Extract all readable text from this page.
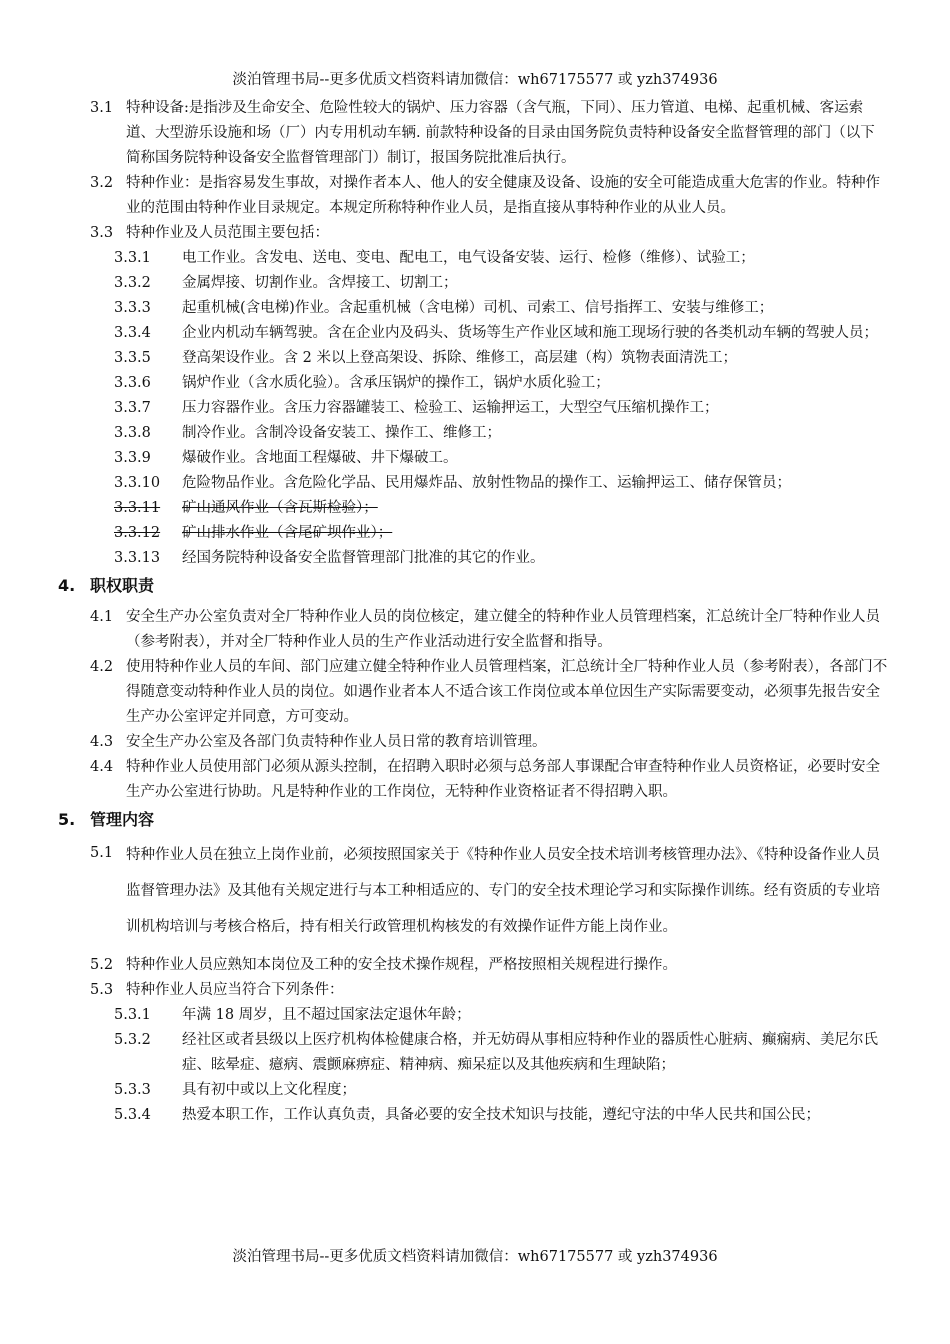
淡泊管理书局--更多优质文档资料请加微信：wh67175577 或 yzh374936
3.1 特种设备:是指涉及生命安全、危险性较大的锅炉、压力容器（含气瓶，下同）、压力管道、电梯、起重机械、客运索道、大型游乐设施和场（厂）内专用机动车辆. 前款特种设备的目录由国务院负责特种设备安全监督管理的部门（以下简称国务院特种设备安全监督管理部门）制订，报国务院批准后执行。
3.2 特种作业：是指容易发生事故，对操作者本人、他人的安全健康及设备、设施的安全可能造成重大危害的作业。特种作业的范围由特种作业目录规定。本规定所称特种作业人员，是指直接从事特种作业的从业人员。
3.3 特种作业及人员范围主要包括：
3.3.1 电工作业。含发电、送电、变电、配电工，电气设备安装、运行、检修（维修）、试验工；
3.3.2 金属焊接、切割作业。含焊接工、切割工；
3.3.3 起重机械(含电梯)作业。含起重机械（含电梯）司机、司索工、信号指挥工、安装与维修工；
3.3.4 企业内机动车辆驾驶。含在企业内及码头、货场等生产作业区域和施工现场行驶的各类机动车辆的驾驶人员；
3.3.5 登高架设作业。含 2 米以上登高架设、拆除、维修工，高层建（构）筑物表面清洗工；
3.3.6 锅炉作业（含水质化验）。含承压锅炉的操作工，锅炉水质化验工；
3.3.7 压力容器作业。含压力容器罐装工、检验工、运输押运工，大型空气压缩机操作工；
3.3.8 制冷作业。含制冷设备安装工、操作工、维修工；
3.3.9 爆破作业。含地面工程爆破、井下爆破工。
3.3.10 危险物品作业。含危险化学品、民用爆炸品、放射性物品的操作工、运输押运工、储存保管员；
3.3.11 矿山通风作业（含瓦斯检验）；
3.3.12 矿山排水作业（含尾矿坝作业）；
3.3.13 经国务院特种设备安全监督管理部门批准的其它的作业。
4. 职权职责
4.1 安全生产办公室负责对全厂特种作业人员的岗位核定，建立健全的特种作业人员管理档案，汇总统计全厂特种作业人员（参考附表），并对全厂特种作业人员的生产作业活动进行安全监督和指导。
4.2 使用特种作业人员的车间、部门应建立健全特种作业人员管理档案，汇总统计全厂特种作业人员（参考附表），各部门不得随意变动特种作业人员的岗位。如遇作业者本人不适合该工作岗位或本单位因生产实际需要变动，必须事先报告安全生产办公室评定并同意，方可变动。
4.3 安全生产办公室及各部门负责特种作业人员日常的教育培训管理。
4.4 特种作业人员使用部门必须从源头控制，在招聘入职时必须与总务部人事课配合审查特种作业人员资格证，必要时安全生产办公室进行协助。凡是特种作业的工作岗位，无特种作业资格证者不得招聘入职。
5. 管理内容
5.1 特种作业人员在独立上岗作业前，必须按照国家关于《特种作业人员安全技术培训考核管理办法》、《特种设备作业人员监督管理办法》及其他有关规定进行与本工种相适应的、专门的安全技术理论学习和实际操作训练。经有资质的专业培训机构培训与考核合格后，持有相关行政管理机构核发的有效操作证件方能上岗作业。
5.2 特种作业人员应熟知本岗位及工种的安全技术操作规程，严格按照相关规程进行操作。
5.3 特种作业人员应当符合下列条件：
5.3.1 年满 18 周岁，且不超过国家法定退休年龄；
5.3.2 经社区或者县级以上医疗机构体检健康合格，并无妨碍从事相应特种作业的器质性心脏病、癫痫病、美尼尔氏症、眩晕症、癔病、震颤麻痹症、精神病、痴呆症以及其他疾病和生理缺陷；
5.3.3 具有初中或以上文化程度；
5.3.4 热爱本职工作，工作认真负责，具备必要的安全技术知识与技能，遵纪守法的中华人民共和国公民；
淡泊管理书局--更多优质文档资料请加微信：wh67175577 或 yzh374936
